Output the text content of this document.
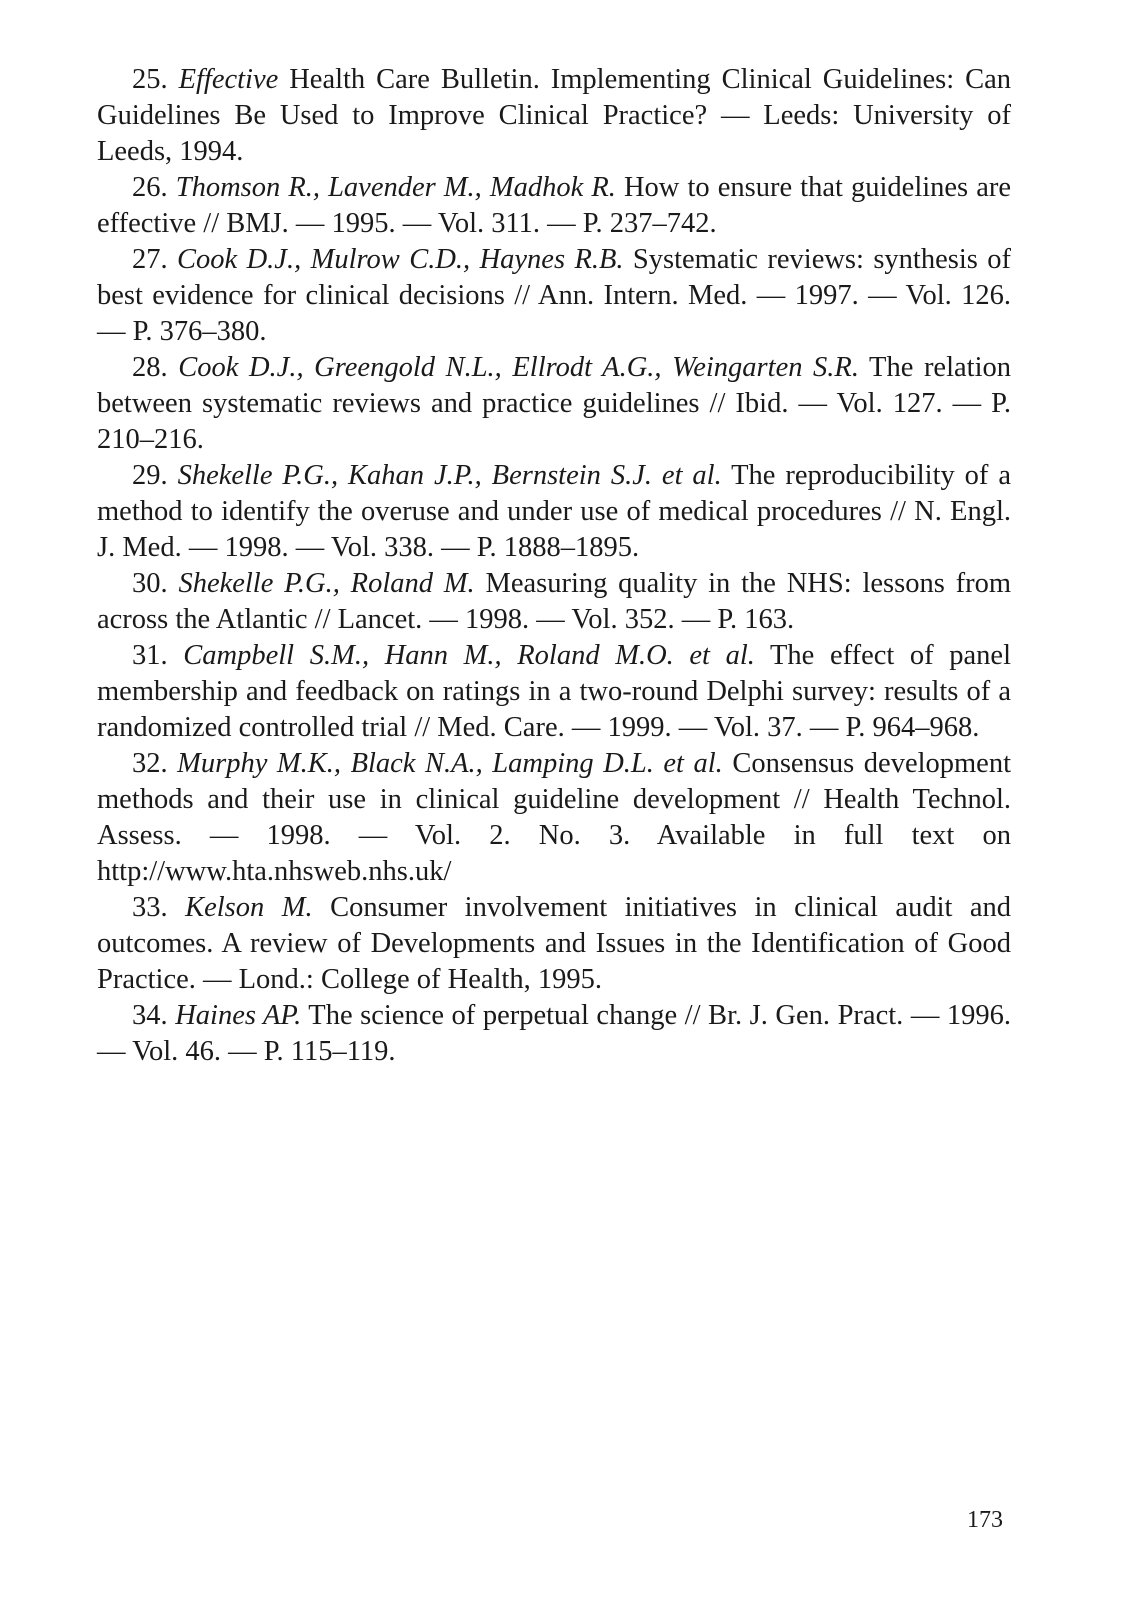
25. Effective Health Care Bulletin. Implementing Clinical Guidelines: Can Guidelines Be Used to Improve Clinical Practice? — Leeds: University of Leeds, 1994.

26. Thomson R., Lavender M., Madhok R. How to ensure that guidelines are effective // BMJ. — 1995. — Vol. 311. — P. 237–742.

27. Cook D.J., Mulrow C.D., Haynes R.B. Systematic reviews: synthesis of best evidence for clinical decisions // Ann. Intern. Med. — 1997. — Vol. 126. — P. 376–380.

28. Cook D.J., Greengold N.L., Ellrodt A.G., Weingarten S.R. The relation between systematic reviews and practice guidelines // Ibid. — Vol. 127. — P. 210–216.

29. Shekelle P.G., Kahan J.P., Bernstein S.J. et al. The reproducibility of a method to identify the overuse and under use of medical procedures // N. Engl. J. Med. — 1998. — Vol. 338. — P. 1888–1895.

30. Shekelle P.G., Roland M. Measuring quality in the NHS: lessons from across the Atlantic // Lancet. — 1998. — Vol. 352. — P. 163.

31. Campbell S.M., Hann M., Roland M.O. et al. The effect of panel membership and feedback on ratings in a two-round Delphi survey: results of a randomized controlled trial // Med. Care. — 1999. — Vol. 37. — P. 964–968.

32. Murphy M.K., Black N.A., Lamping D.L. et al. Consensus development methods and their use in clinical guideline development // Health Technol. Assess. — 1998. — Vol. 2. No. 3. Available in full text on http://www.hta.nhsweb.nhs.uk/

33. Kelson M. Consumer involvement initiatives in clinical audit and outcomes. A review of Developments and Issues in the Identification of Good Practice. — Lond.: College of Health, 1995.

34. Haines AP. The science of perpetual change // Br. J. Gen. Pract. — 1996. — Vol. 46. — P. 115–119.

173
